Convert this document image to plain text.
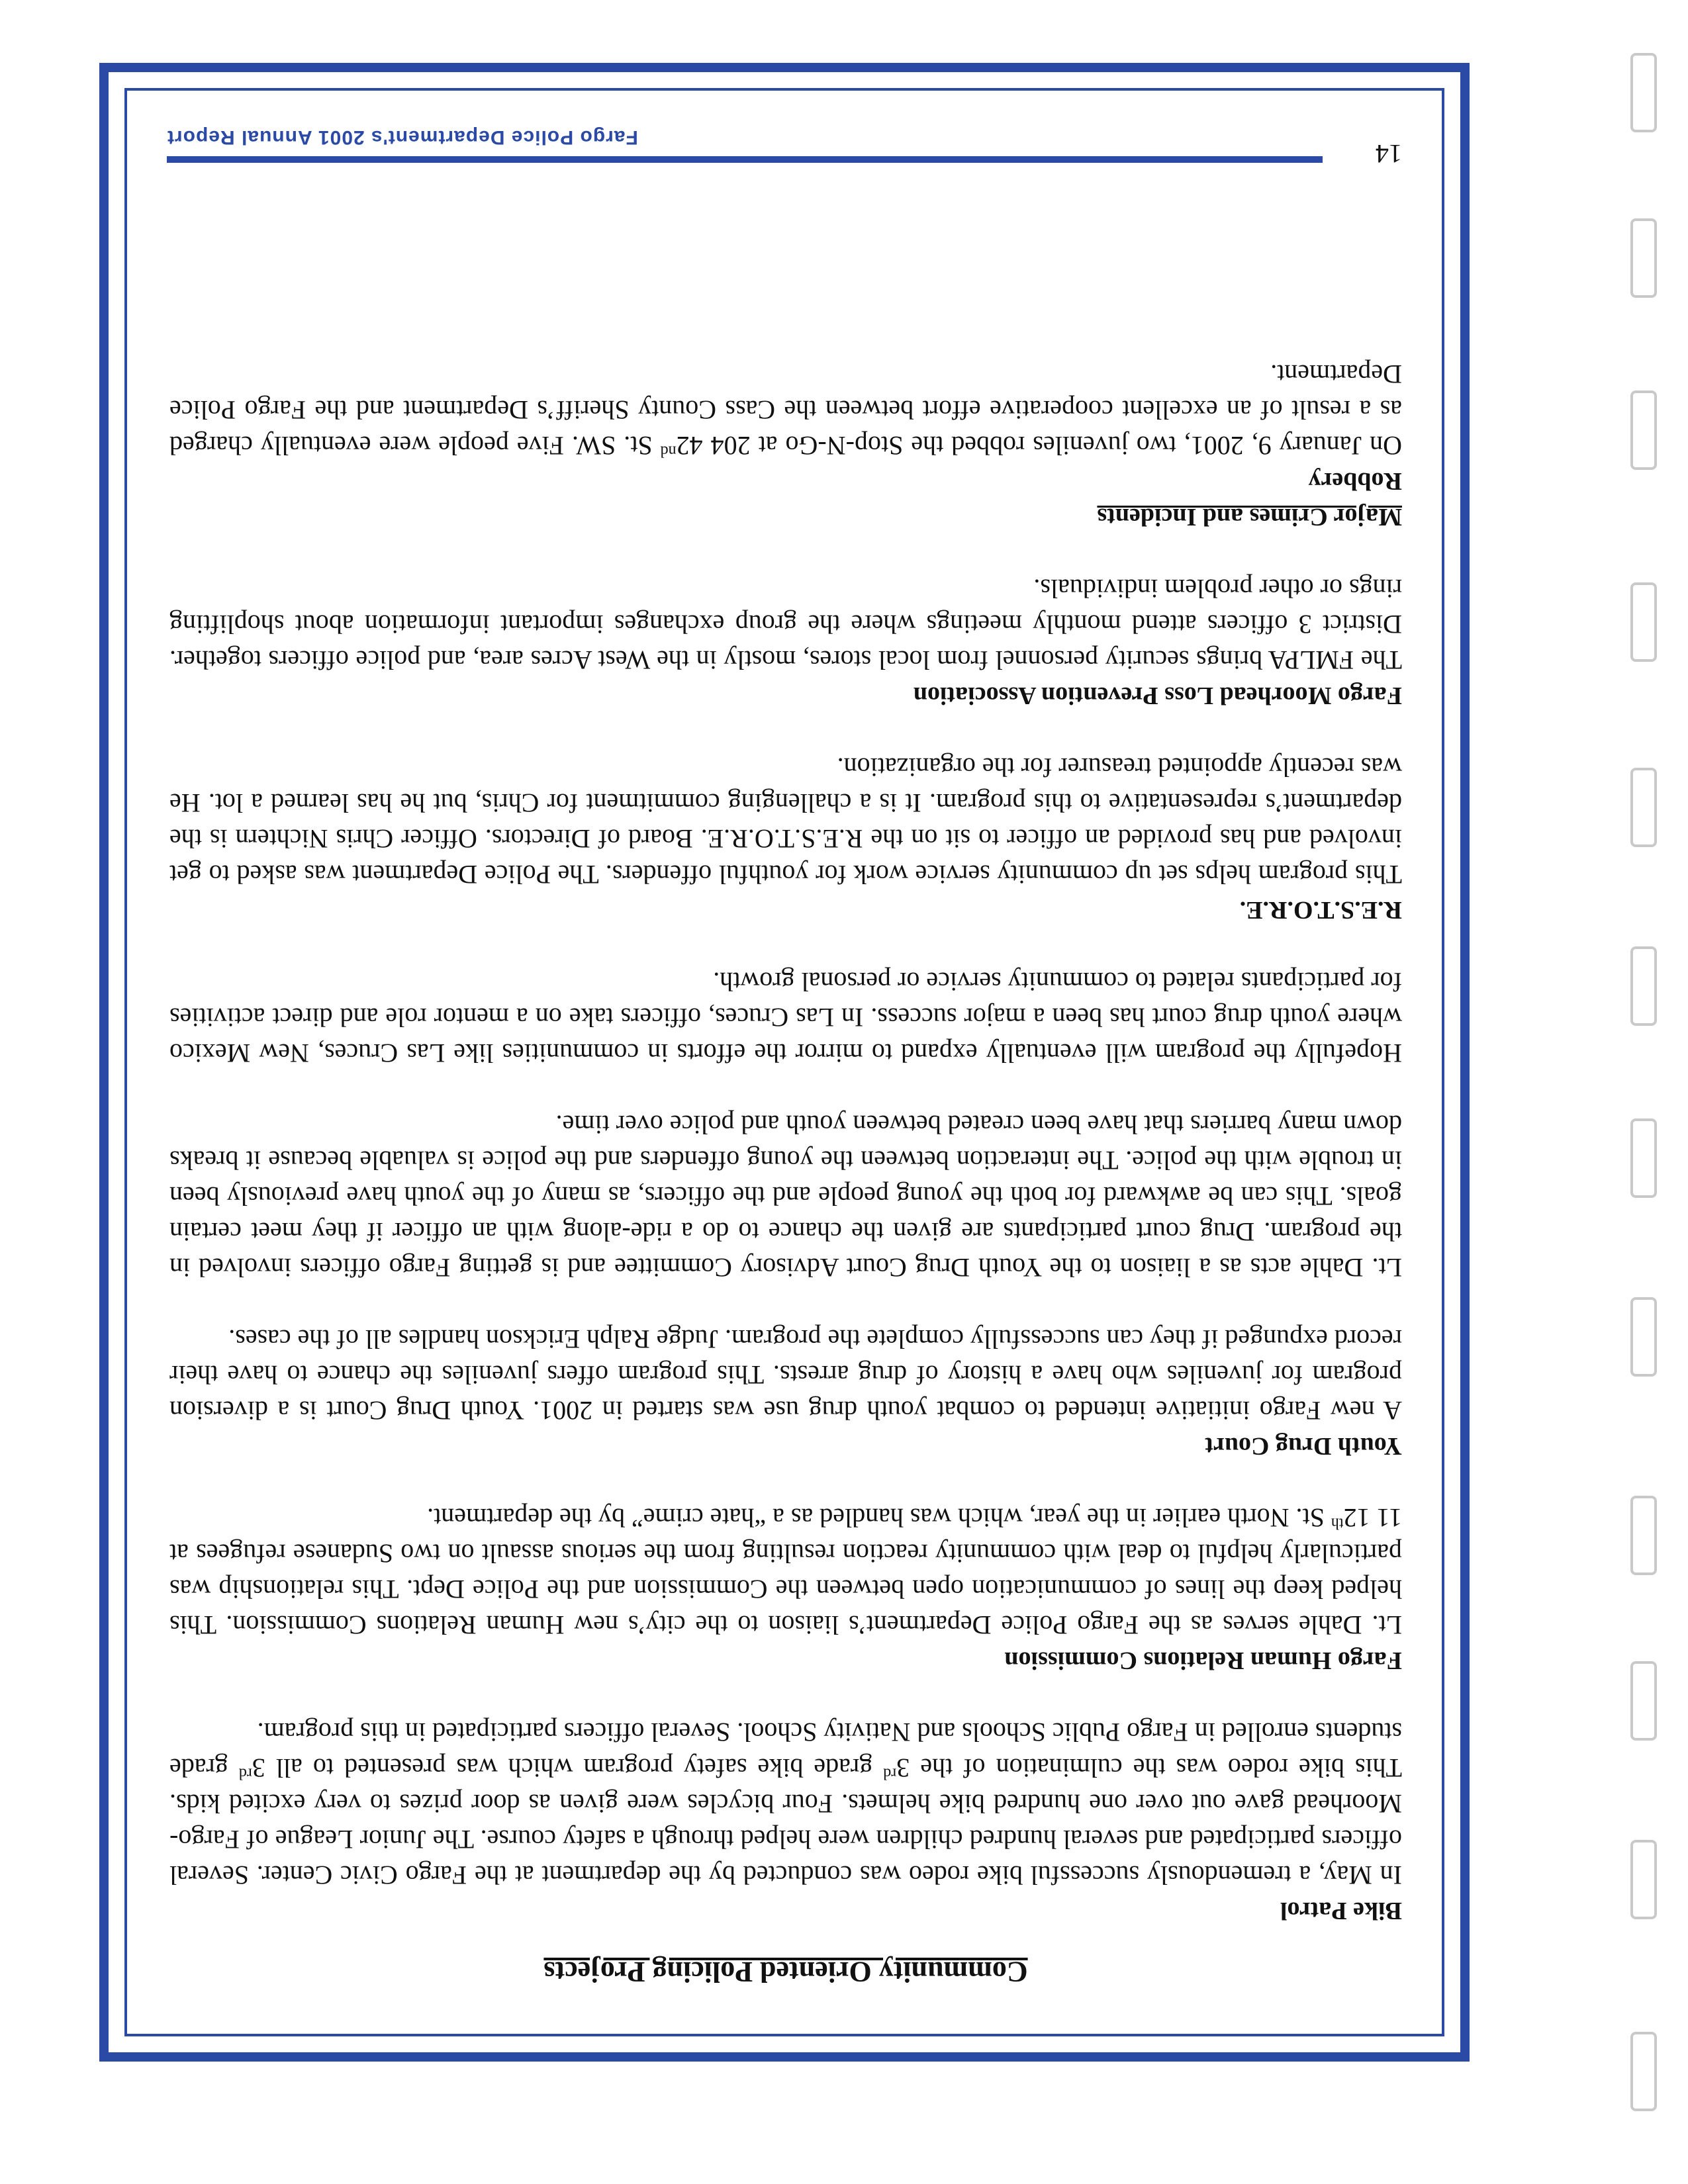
Community Oriented Policing Projects
Bike Patrol

In May, a tremendously successful bike rodeo was conducted by the department at the Fargo Civic Center. Several officers participated and several hundred children were helped through a safety course. The Junior League of Fargo-Moorhead gave out over one hundred bike helmets. Four bicycles were given as door prizes to very excited kids. This bike rodeo was the culmination of the 3rd grade bike safety program which was presented to all 3rd grade students enrolled in Fargo Public Schools and Nativity School. Several officers participated in this program.

Fargo Human Relations Commission

Lt. Dahle serves as the Fargo Police Department’s liaison to the city’s new Human Relations Commission. This helped keep the lines of communication open between the Commission and the Police Dept. This relationship was particularly helpful to deal with community reaction resulting from the serious assault on two Sudanese refugees at 11 12th St. North earlier in the year, which was handled as a “hate crime” by the department.

Youth Drug Court

A new Fargo initiative intended to combat youth drug use was started in 2001. Youth Drug Court is a diversion program for juveniles who have a history of drug arrests. This program offers juveniles the chance to have their record expunged if they can successfully complete the program. Judge Ralph Erickson handles all of the cases.

Lt. Dahle acts as a liaison to the Youth Drug Court Advisory Committee and is getting Fargo officers involved in the program. Drug court participants are given the chance to do a ride-along with an officer if they meet certain goals. This can be awkward for both the young people and the officers, as many of the youth have previously been in trouble with the police. The interaction between the young offenders and the police is valuable because it breaks down many barriers that have been created between youth and police over time.

Hopefully the program will eventually expand to mirror the efforts in communities like Las Cruces, New Mexico where youth drug court has been a major success. In Las Cruces, officers take on a mentor role and direct activities for participants related to community service or personal growth.

R.E.S.T.O.R.E.

This program helps set up community service work for youthful offenders. The Police Department was asked to get involved and has provided an officer to sit on the R.E.S.T.O.R.E. Board of Directors. Officer Chris Nichtern is the department’s representative to this program. It is a challenging commitment for Chris, but he has learned a lot. He was recently appointed treasurer for the organization.

Fargo Moorhead Loss Prevention Association

The FMLPA brings security personnel from local stores, mostly in the West Acres area, and police officers together. District 3 officers attend monthly meetings where the group exchanges important information about shoplifting rings or other problem individuals.

Major Crimes and Incidents
Robbery

On January 9, 2001, two juveniles robbed the Stop-N-Go at 204 42nd St. SW. Five people were eventually charged as a result of an excellent cooperative effort between the Cass County Sheriff’s Department and the Fargo Police Department.

Fargo Police Department's 2001 Annual Report
14
